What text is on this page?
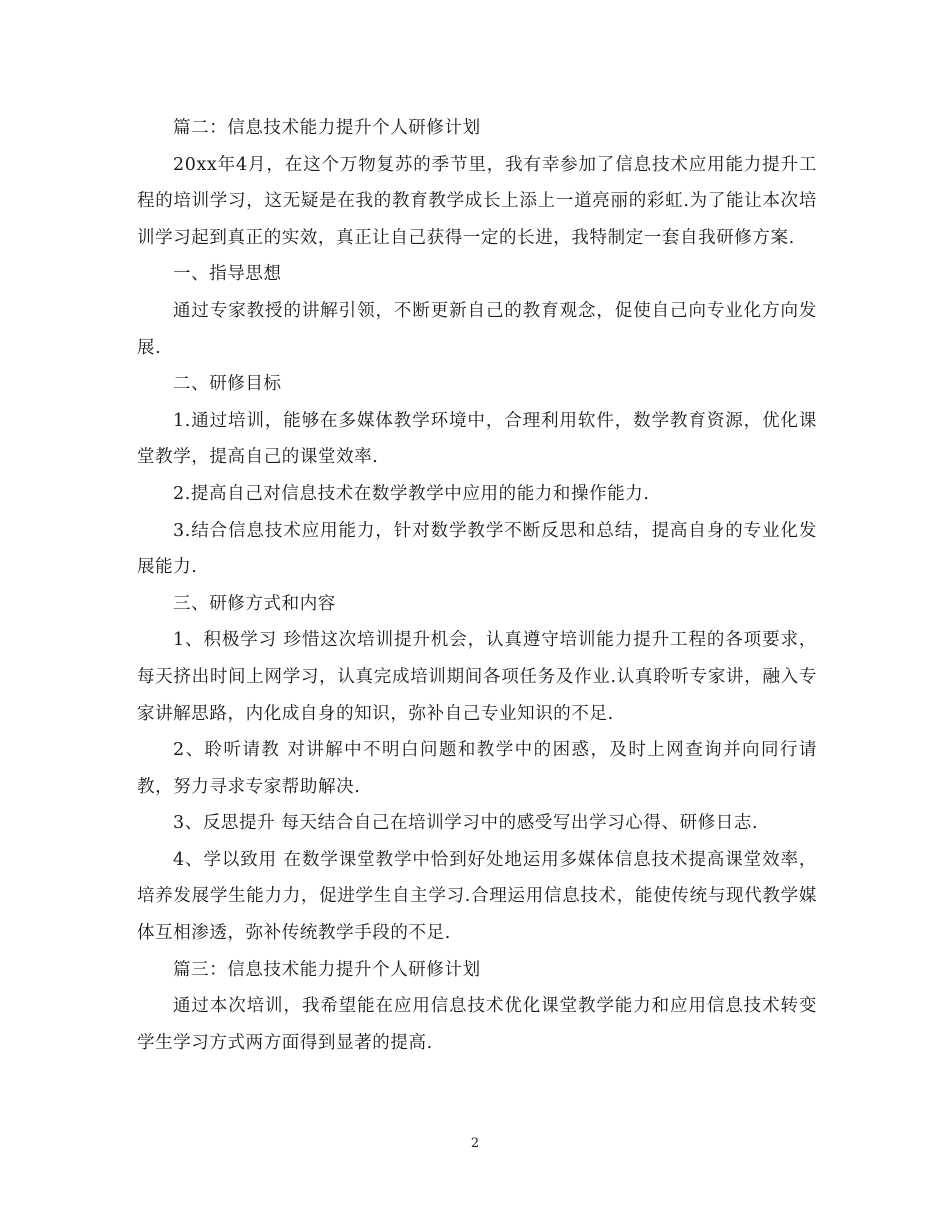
篇二：信息技术能力提升个人研修计划

20xx年4月，在这个万物复苏的季节里，我有幸参加了信息技术应用能力提升工程的培训学习，这无疑是在我的教育教学成长上添上一道亮丽的彩虹.为了能让本次培训学习起到真正的实效，真正让自己获得一定的长进，我特制定一套自我研修方案.

一、指导思想

通过专家教授的讲解引领，不断更新自己的教育观念，促使自己向专业化方向发展.

二、研修目标

1.通过培训，能够在多媒体教学环境中，合理利用软件，数学教育资源，优化课堂教学，提高自己的课堂效率.

2.提高自己对信息技术在数学教学中应用的能力和操作能力.

3.结合信息技术应用能力，针对数学教学不断反思和总结，提高自身的专业化发展能力.

三、研修方式和内容

1、积极学习 珍惜这次培训提升机会，认真遵守培训能力提升工程的各项要求，每天挤出时间上网学习，认真完成培训期间各项任务及作业.认真聆听专家讲，融入专家讲解思路，内化成自身的知识，弥补自己专业知识的不足.

2、聆听请教 对讲解中不明白问题和教学中的困惑，及时上网查询并向同行请教，努力寻求专家帮助解决.

3、反思提升 每天结合自己在培训学习中的感受写出学习心得、研修日志.

4、学以致用 在数学课堂教学中恰到好处地运用多媒体信息技术提高课堂效率，培养发展学生能力力，促进学生自主学习.合理运用信息技术，能使传统与现代教学媒体互相渗透，弥补传统教学手段的不足.

篇三：信息技术能力提升个人研修计划

通过本次培训，我希望能在应用信息技术优化课堂教学能力和应用信息技术转变学生学习方式两方面得到显著的提高.

2
